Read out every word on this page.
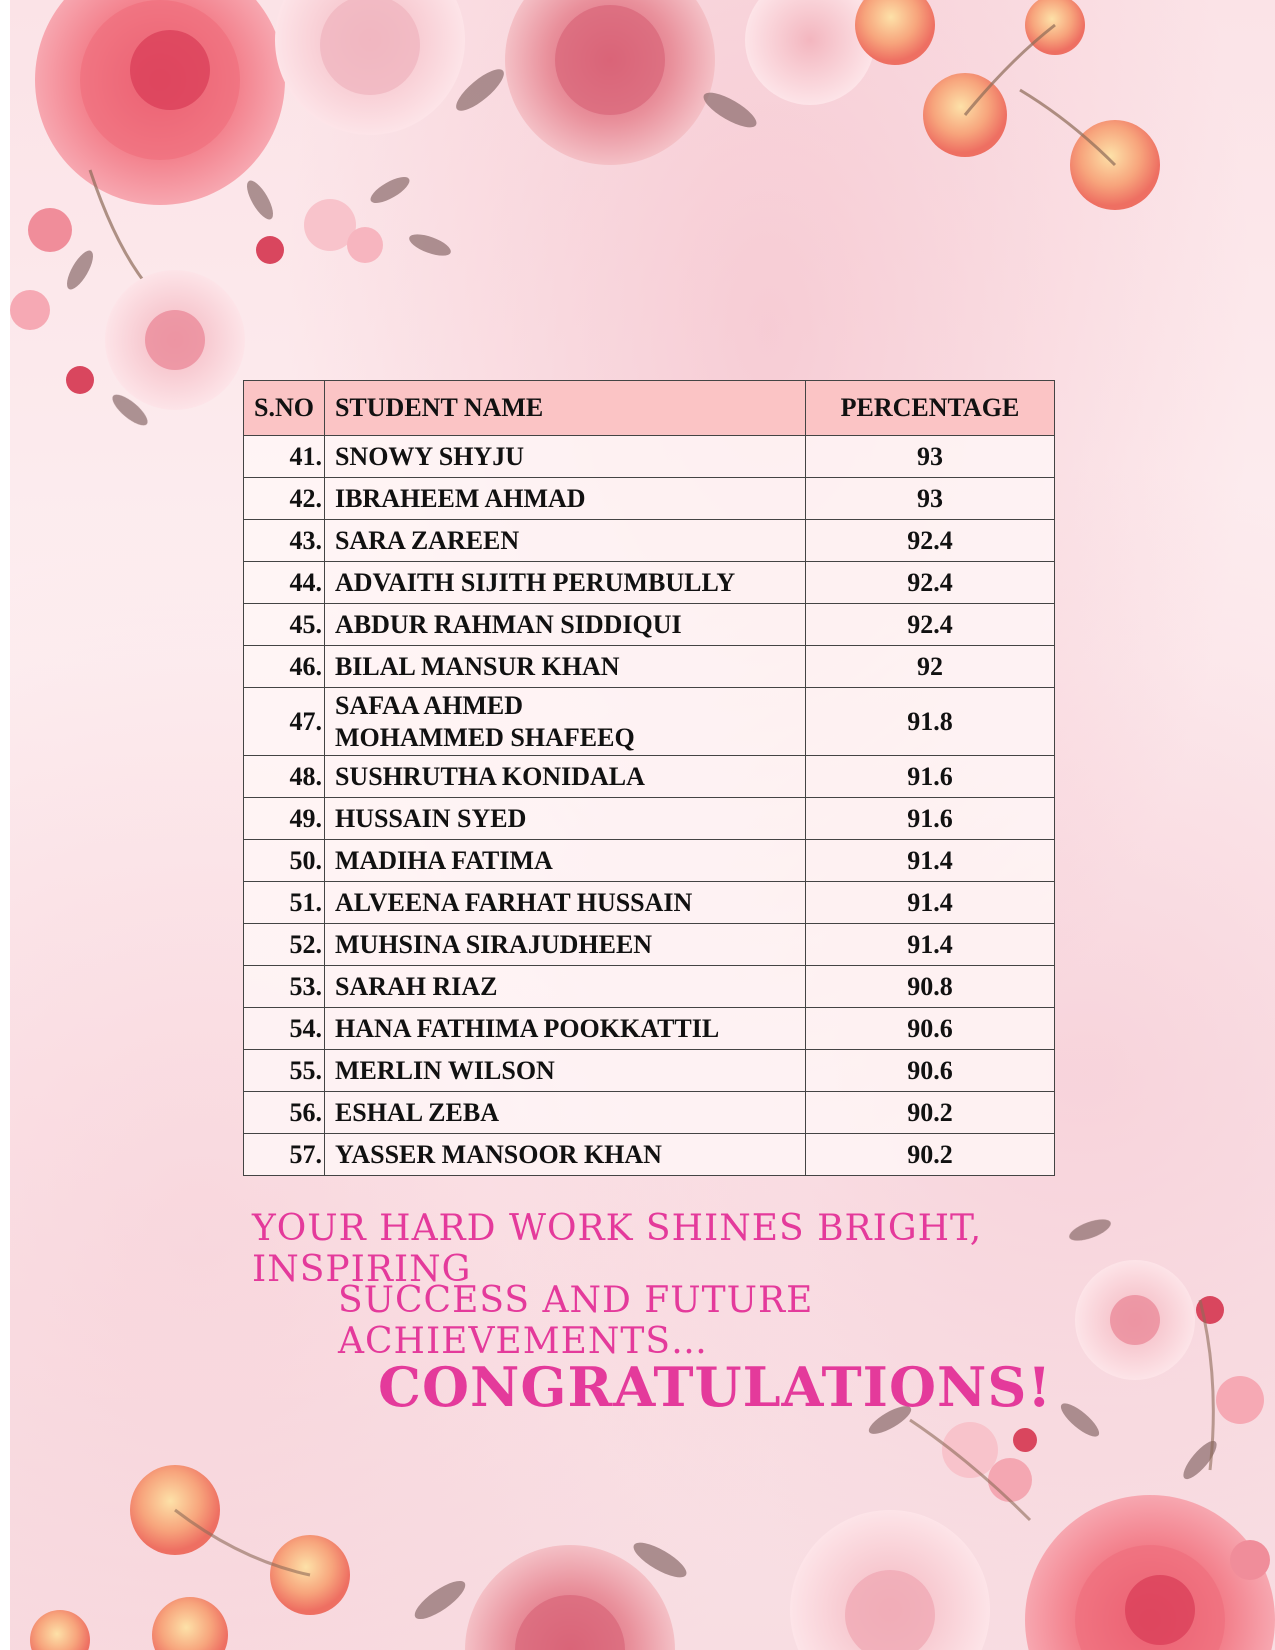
S.NO	STUDENT NAME	PERCENTAGE
41.	SNOWY SHYJU	93
42.	IBRAHEEM AHMAD	93
43.	SARA ZAREEN	92.4
44.	ADVAITH SIJITH PERUMBULLY	92.4
45.	ABDUR RAHMAN SIDDIQUI	92.4
46.	BILAL MANSUR KHAN	92
47.	SAFAA AHMED
MOHAMMED SHAFEEQ	91.8
48.	SUSHRUTHA KONIDALA	91.6
49.	HUSSAIN SYED	91.6
50.	MADIHA FATIMA	91.4
51.	ALVEENA FARHAT HUSSAIN	91.4
52.	MUHSINA SIRAJUDHEEN	91.4
53.	SARAH RIAZ	90.8
54.	HANA FATHIMA POOKKATTIL	90.6
55.	MERLIN WILSON	90.6
56.	ESHAL ZEBA	90.2
57.	YASSER MANSOOR KHAN	90.2
YOUR HARD WORK SHINES BRIGHT, INSPIRING
SUCCESS AND FUTURE ACHIEVEMENTS…
CONGRATULATIONS!
